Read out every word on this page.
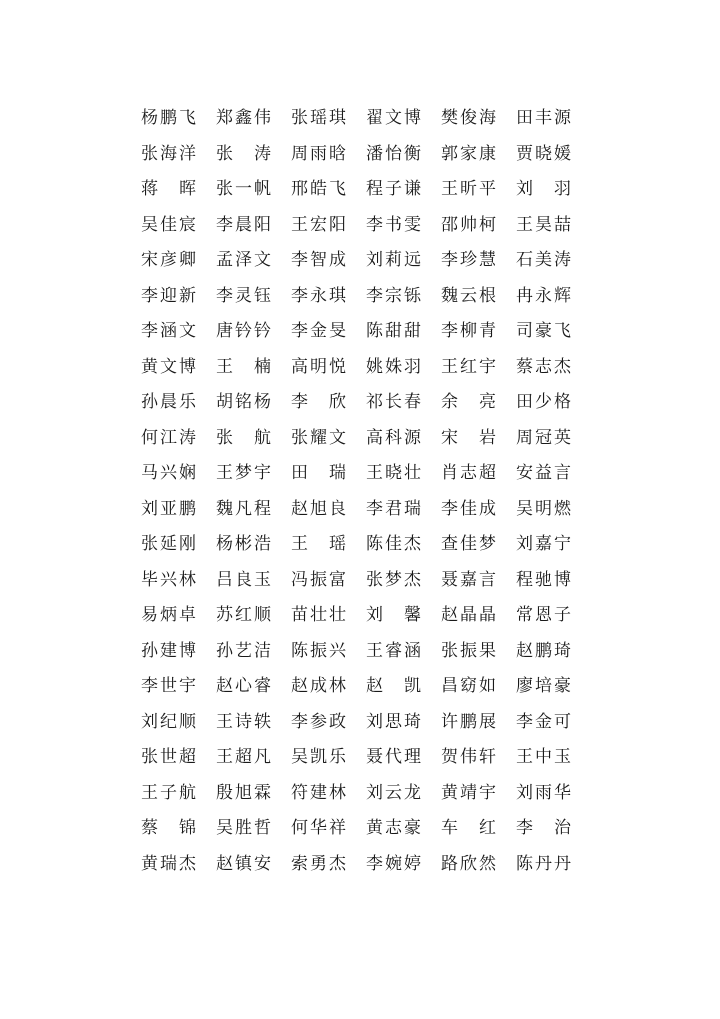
杨鹏飞	郑鑫伟	张瑶琪	翟文博	樊俊海	田丰源
张海洋	张　涛	周雨晗	潘怡衡	郭家康	贾晓媛
蒋　晖	张一帆	邢皓飞	程子谦	王昕平	刘　羽
吴佳宸	李晨阳	王宏阳	李书雯	邵帅柯	王昊喆
宋彦卿	孟泽文	李智成	刘莉远	李珍慧	石美涛
李迎新	李灵钰	李永琪	李宗铄	魏云根	冉永辉
李涵文	唐钤钤	李金旻	陈甜甜	李柳青	司豪飞
黄文博	王　楠	高明悦	姚姝羽	王红宇	蔡志杰
孙晨乐	胡铭杨	李　欣	祁长春	余　亮	田少格
何江涛	张　航	张耀文	高科源	宋　岩	周冠英
马兴娴	王梦宇	田　瑞	王晓壮	肖志超	安益言
刘亚鹏	魏凡程	赵旭良	李君瑞	李佳成	吴明燃
张延刚	杨彬浩	王　瑶	陈佳杰	查佳梦	刘嘉宁
毕兴林	吕良玉	冯振富	张梦杰	聂嘉言	程驰博
易炳卓	苏红顺	苗壮壮	刘　馨	赵晶晶	常恩子
孙建博	孙艺洁	陈振兴	王睿涵	张振果	赵鹏琦
李世宇	赵心睿	赵成林	赵　凯	昌窈如	廖培豪
刘纪顺	王诗轶	李参政	刘思琦	许鹏展	李金可
张世超	王超凡	吴凯乐	聂代理	贺伟轩	王中玉
王子航	殷旭霖	符建林	刘云龙	黄靖宇	刘雨华
蔡　锦	吴胜哲	何华祥	黄志豪	车　红	李　治
黄瑞杰	赵镇安	索勇杰	李婉婷	路欣然	陈丹丹
